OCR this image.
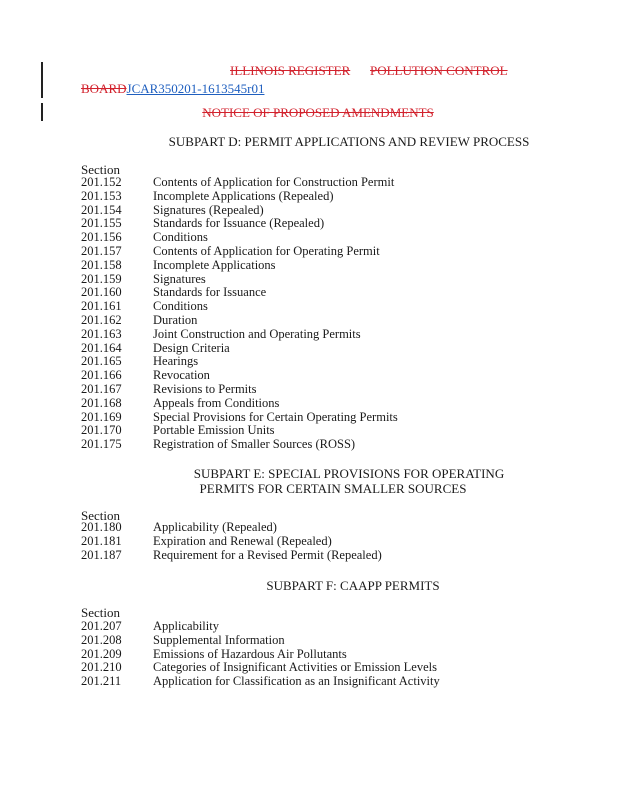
ILLINOIS REGISTER POLLUTION CONTROL
BOARDJCAR350201-1613545r01
NOTICE OF PROPOSED AMENDMENTS
SUBPART D: PERMIT APPLICATIONS AND REVIEW PROCESS
Section
201.152	Contents of Application for Construction Permit
201.153	Incomplete Applications (Repealed)
201.154	Signatures (Repealed)
201.155	Standards for Issuance (Repealed)
201.156	Conditions
201.157	Contents of Application for Operating Permit
201.158	Incomplete Applications
201.159	Signatures
201.160	Standards for Issuance
201.161	Conditions
201.162	Duration
201.163	Joint Construction and Operating Permits
201.164	Design Criteria
201.165	Hearings
201.166	Revocation
201.167	Revisions to Permits
201.168	Appeals from Conditions
201.169	Special Provisions for Certain Operating Permits
201.170	Portable Emission Units
201.175	Registration of Smaller Sources (ROSS)
SUBPART E: SPECIAL PROVISIONS FOR OPERATING
PERMITS FOR CERTAIN SMALLER SOURCES
Section
201.180	Applicability (Repealed)
201.181	Expiration and Renewal (Repealed)
201.187	Requirement for a Revised Permit (Repealed)
SUBPART F: CAAPP PERMITS
Section
201.207	Applicability
201.208	Supplemental Information
201.209	Emissions of Hazardous Air Pollutants
201.210	Categories of Insignificant Activities or Emission Levels
201.211	Application for Classification as an Insignificant Activity
